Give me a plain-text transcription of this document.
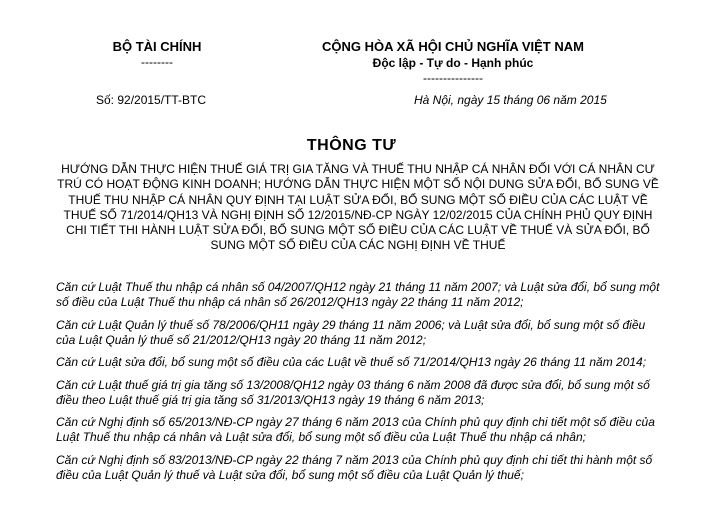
BỘ TÀI CHÍNH
--------
CỘNG HÒA XÃ HỘI CHỦ NGHĨA VIỆT NAM
Độc lập - Tự do - Hạnh phúc
---------------
Số: 92/2015/TT-BTC	Hà Nội, ngày 15 tháng 06 năm 2015
THÔNG TƯ
HƯỚNG DẪN THỰC HIỆN THUẾ GIÁ TRỊ GIA TĂNG VÀ THUẾ THU NHẬP CÁ NHÂN ĐỐI VỚI CÁ NHÂN CƯ TRÚ CÓ HOẠT ĐỘNG KINH DOANH; HƯỚNG DẪN THỰC HIỆN MỘT SỐ NỘI DUNG SỬA ĐỔI, BỔ SUNG VỀ THUẾ THU NHẬP CÁ NHÂN QUY ĐỊNH TẠI LUẬT SỬA ĐỔI, BỔ SUNG MỘT SỐ ĐIỀU CỦA CÁC LUẬT VỀ THUẾ SỐ 71/2014/QH13 VÀ NGHỊ ĐỊNH SỐ 12/2015/NĐ-CP NGÀY 12/02/2015 CỦA CHÍNH PHỦ QUY ĐỊNH CHI TIẾT THI HÀNH LUẬT SỬA ĐỔI, BỔ SUNG MỘT SỐ ĐIỀU CỦA CÁC LUẬT VỀ THUẾ VÀ SỬA ĐỔI, BỔ SUNG MỘT SỐ ĐIỀU CỦA CÁC NGHỊ ĐỊNH VỀ THUẾ

Căn cứ Luật Thuế thu nhập cá nhân số 04/2007/QH12 ngày 21 tháng 11 năm 2007; và Luật sửa đổi, bổ sung một số điều của Luật Thuế thu nhập cá nhân số 26/2012/QH13 ngày 22 tháng 11 năm 2012;

Căn cứ Luật Quản lý thuế số 78/2006/QH11 ngày 29 tháng 11 năm 2006; và Luật sửa đổi, bổ sung một số điều của Luật Quản lý thuế số 21/2012/QH13 ngày 20 tháng 11 năm 2012;

Căn cứ Luật sửa đổi, bổ sung một số điều của các Luật về thuế số 71/2014/QH13 ngày 26 tháng 11 năm 2014;

Căn cứ Luật thuế giá trị gia tăng số 13/2008/QH12 ngày 03 tháng 6 năm 2008 đã được sửa đổi, bổ sung một số điều theo Luật thuế giá trị gia tăng số 31/2013/QH13 ngày 19 tháng 6 năm 2013;

Căn cứ Nghị định số 65/2013/NĐ-CP ngày 27 tháng 6 năm 2013 của Chính phủ quy định chi tiết một số điều của Luật Thuế thu nhập cá nhân và Luật sửa đổi, bổ sung một số điều của Luật Thuế thu nhập cá nhân;

Căn cứ Nghị định số 83/2013/NĐ-CP ngày 22 tháng 7 năm 2013 của Chính phủ quy định chi tiết thi hành một số điều của Luật Quản lý thuế và Luật sửa đổi, bổ sung một số điều của Luật Quản lý thuế;
